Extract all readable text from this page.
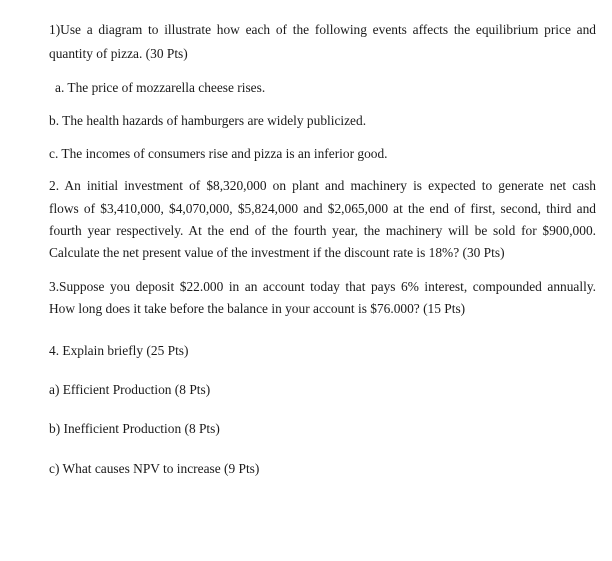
1)Use a diagram to illustrate how each of the following events affects the equilibrium price and
quantity of pizza. (30 Pts)
a. The price of mozzarella cheese rises.
b. The health hazards of hamburgers are widely publicized.
c. The incomes of consumers rise and pizza is an inferior good.
2. An initial investment of $8,320,000 on plant and machinery is expected to generate net cash
flows of $3,410,000, $4,070,000, $5,824,000 and $2,065,000 at the end of first, second, third and
fourth year respectively. At the end of the fourth year, the machinery will be sold for $900,000.
Calculate the net present value of the investment if the discount rate is 18%? (30 Pts)
3.Suppose you deposit $22.000 in an account today that pays 6% interest, compounded annually.
How long does it take before the balance in your account is $76.000? (15 Pts)
4. Explain briefly (25 Pts)
a) Efficient Production (8 Pts)
b) Inefficient Production (8 Pts)
c) What causes NPV to increase (9 Pts)
